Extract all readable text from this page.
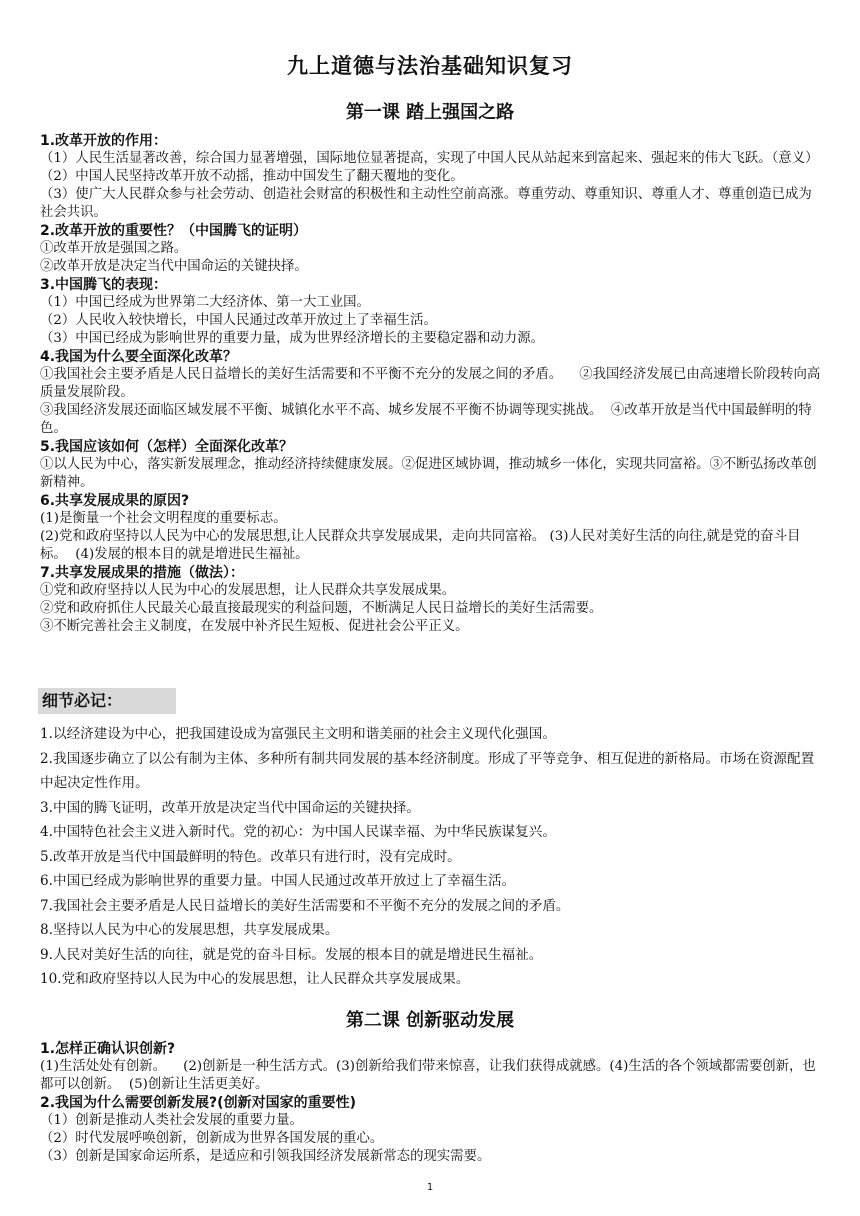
九上道德与法治基础知识复习
第一课 踏上强国之路
1.改革开放的作用：
（1）人民生活显著改善，综合国力显著增强，国际地位显著提高，实现了中国人民从站起来到富起来、强起来的伟大飞跃。（意义）
（2）中国人民坚持改革开放不动摇，推动中国发生了翻天覆地的变化。
（3）使广大人民群众参与社会劳动、创造社会财富的积极性和主动性空前高涨。尊重劳动、尊重知识、尊重人才、尊重创造已成为社会共识。
2.改革开放的重要性？（中国腾飞的证明）
①改革开放是强国之路。
②改革开放是决定当代中国命运的关键抉择。
3.中国腾飞的表现：
（1）中国已经成为世界第二大经济体、第一大工业国。
（2）人民收入较快增长，中国人民通过改革开放过上了幸福生活。
（3）中国已经成为影响世界的重要力量，成为世界经济增长的主要稳定器和动力源。
4.我国为什么要全面深化改革？
①我国社会主要矛盾是人民日益增长的美好生活需要和不平衡不充分的发展之间的矛盾。    ②我国经济发展已由高速增长阶段转向高质量发展阶段。
③我国经济发展还面临区域发展不平衡、城镇化水平不高、城乡发展不平衡不协调等现实挑战。  ④改革开放是当代中国最鲜明的特色。
5.我国应该如何（怎样）全面深化改革？
①以人民为中心，落实新发展理念，推动经济持续健康发展。②促进区域协调，推动城乡一体化，实现共同富裕。③不断弘扬改革创新精神。
6.共享发展成果的原因?
(1)是衡量一个社会文明程度的重要标志。
(2)党和政府坚持以人民为中心的发展思想,让人民群众共享发展成果，走向共同富裕。 (3)人民对美好生活的向往,就是党的奋斗目标。  (4)发展的根本目的就是增进民生福祉。
7.共享发展成果的措施（做法）：
①党和政府坚持以人民为中心的发展思想，让人民群众共享发展成果。
②党和政府抓住人民最关心最直接最现实的利益问题，不断满足人民日益增长的美好生活需要。
③不断完善社会主义制度，在发展中补齐民生短板、促进社会公平正义。
细节必记：
1.以经济建设为中心，把我国建设成为富强民主文明和谐美丽的社会主义现代化强国。
2.我国逐步确立了以公有制为主体、多种所有制共同发展的基本经济制度。形成了平等竞争、相互促进的新格局。市场在资源配置中起决定性作用。
3.中国的腾飞证明，改革开放是决定当代中国命运的关键抉择。
4.中国特色社会主义进入新时代。党的初心：为中国人民谋幸福、为中华民族谋复兴。
5.改革开放是当代中国最鲜明的特色。改革只有进行时，没有完成时。
6.中国已经成为影响世界的重要力量。中国人民通过改革开放过上了幸福生活。
7.我国社会主要矛盾是人民日益增长的美好生活需要和不平衡不充分的发展之间的矛盾。
8.坚持以人民为中心的发展思想，共享发展成果。
9.人民对美好生活的向往，就是党的奋斗目标。发展的根本目的就是增进民生福祉。
10.党和政府坚持以人民为中心的发展思想，让人民群众共享发展成果。
第二课 创新驱动发展
1.怎样正确认识创新?
(1)生活处处有创新。    (2)创新是一种生活方式。(3)创新给我们带来惊喜，让我们获得成就感。(4)生活的各个领域都需要创新，也都可以创新。  (5)创新让生活更美好。
2.我国为什么需要创新发展?(创新对国家的重要性)
（1）创新是推动人类社会发展的重要力量。
（2）时代发展呼唤创新，创新成为世界各国发展的重心。
（3）创新是国家命运所系，是适应和引领我国经济发展新常态的现实需要。
1
